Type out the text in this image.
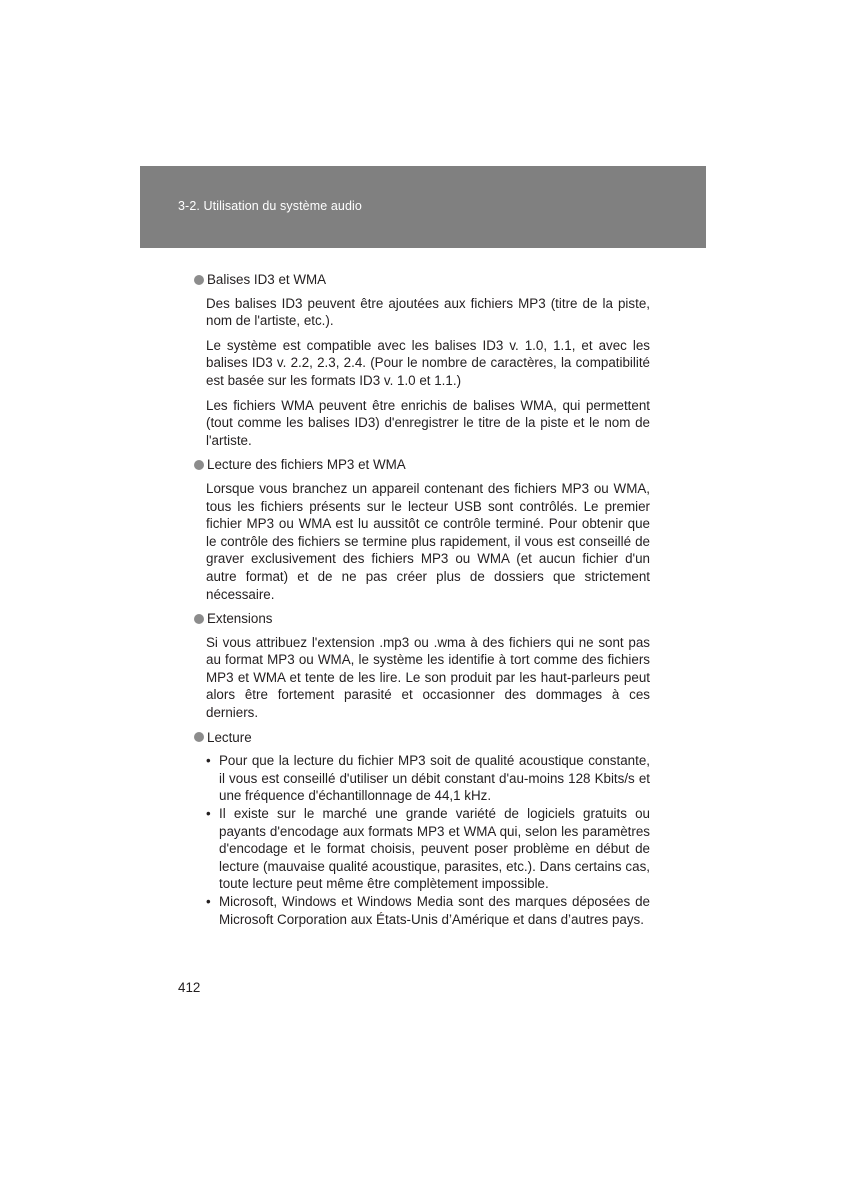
3-2. Utilisation du système audio
Balises ID3 et WMA

Des balises ID3 peuvent être ajoutées aux fichiers MP3 (titre de la piste, nom de l'artiste, etc.).

Le système est compatible avec les balises ID3 v. 1.0, 1.1, et avec les balises ID3 v. 2.2, 2.3, 2.4. (Pour le nombre de caractères, la compatibilité est basée sur les formats ID3 v. 1.0 et 1.1.)

Les fichiers WMA peuvent être enrichis de balises WMA, qui permettent (tout comme les balises ID3) d'enregistrer le titre de la piste et le nom de l'artiste.

Lecture des fichiers MP3 et WMA

Lorsque vous branchez un appareil contenant des fichiers MP3 ou WMA, tous les fichiers présents sur le lecteur USB sont contrôlés. Le premier fichier MP3 ou WMA est lu aussitôt ce contrôle terminé. Pour obtenir que le contrôle des fichiers se termine plus rapidement, il vous est conseillé de graver exclusivement des fichiers MP3 ou WMA (et aucun fichier d'un autre format) et de ne pas créer plus de dossiers que strictement nécessaire.

Extensions

Si vous attribuez l'extension .mp3 ou .wma à des fichiers qui ne sont pas au format MP3 ou WMA, le système les identifie à tort comme des fichiers MP3 et WMA et tente de les lire. Le son produit par les haut-parleurs peut alors être fortement parasité et occasionner des dommages à ces derniers.

Lecture
• Pour que la lecture du fichier MP3 soit de qualité acoustique constante, il vous est conseillé d'utiliser un débit constant d'au-moins 128 Kbits/s et une fréquence d'échantillonnage de 44,1 kHz.
• Il existe sur le marché une grande variété de logiciels gratuits ou payants d'encodage aux formats MP3 et WMA qui, selon les paramètres d'encodage et le format choisis, peuvent poser problème en début de lecture (mauvaise qualité acoustique, parasites, etc.). Dans certains cas, toute lecture peut même être complètement impossible.
• Microsoft, Windows et Windows Media sont des marques déposées de Microsoft Corporation aux États-Unis d’Amérique et dans d’autres pays.
412
